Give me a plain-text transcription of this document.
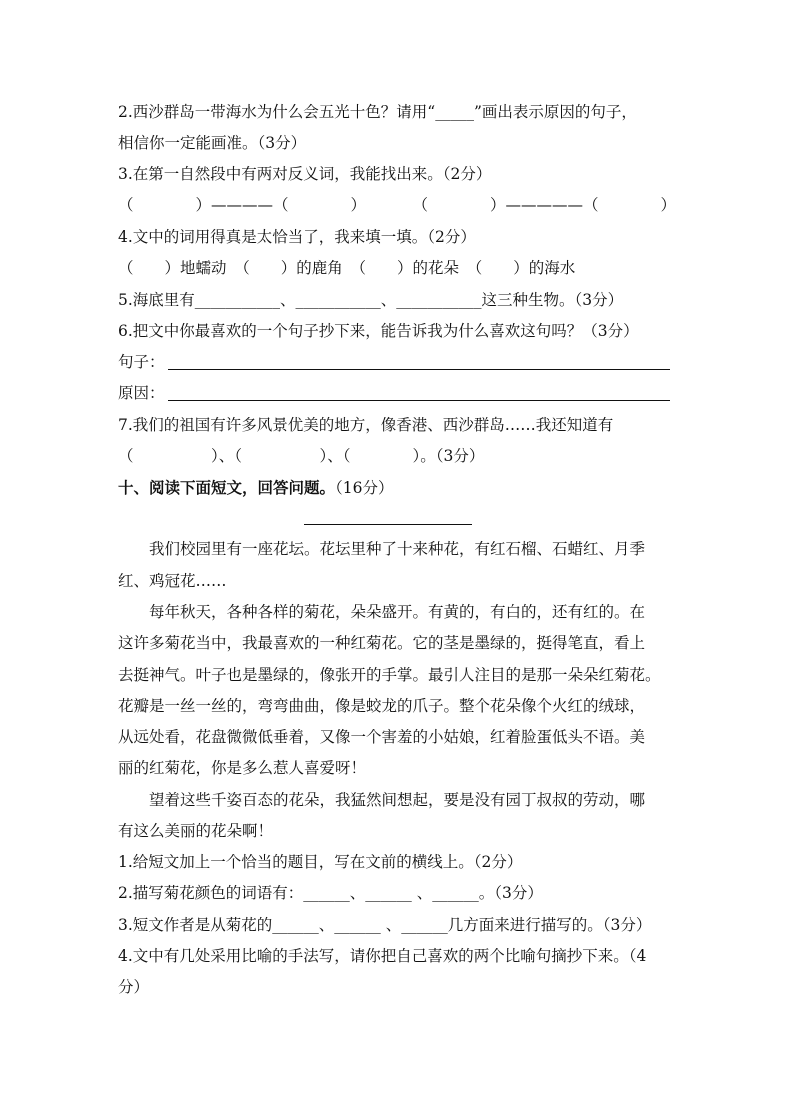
2.西沙群岛一带海水为什么会五光十色？请用“_____”画出表示原因的句子，
相信你一定能画准。（3分）
3.在第一自然段中有两对反义词，我能找出来。（2分）
（　　　　）————（　　　　）　　　　（　　　　）—————（　　　　）
4.文中的词用得真是太恰当了，我来填一填。（2分）
（　　）地蠕动　（　　）的鹿角　（　　）的花朵　（　　）的海水
5.海底里有___________、___________、___________这三种生物。（3分）
6.把文中你最喜欢的一个句子抄下来，能告诉我为什么喜欢这句吗？（3分）
句子：
原因：
7.我们的祖国有许多风景优美的地方，像香港、西沙群岛……我还知道有
（　　　　　）、（　　　　　）、（　　　　）。（3分）
十、阅读下面短文，回答问题。（16分）
　　我们校园里有一座花坛。花坛里种了十来种花，有红石榴、石蜡红、月季
红、鸡冠花……
　　每年秋天，各种各样的菊花，朵朵盛开。有黄的，有白的，还有红的。在
这许多菊花当中，我最喜欢的一种红菊花。它的茎是墨绿的，挺得笔直，看上
去挺神气。叶子也是墨绿的，像张开的手掌。最引人注目的是那一朵朵红菊花。
花瓣是一丝一丝的，弯弯曲曲，像是蛟龙的爪子。整个花朵像个火红的绒球，
从远处看，花盘微微低垂着，又像一个害羞的小姑娘，红着脸蛋低头不语。美
丽的红菊花，你是多么惹人喜爱呀！
　　望着这些千姿百态的花朵，我猛然间想起，要是没有园丁叔叔的劳动，哪
有这么美丽的花朵啊！
1.给短文加上一个恰当的题目，写在文前的横线上。（2分）
2.描写菊花颜色的词语有：______、______ 、______。（3分）
3.短文作者是从菊花的______、______ 、______几方面来进行描写的。（3分）
4.文中有几处采用比喻的手法写，请你把自己喜欢的两个比喻句摘抄下来。（4
分）
